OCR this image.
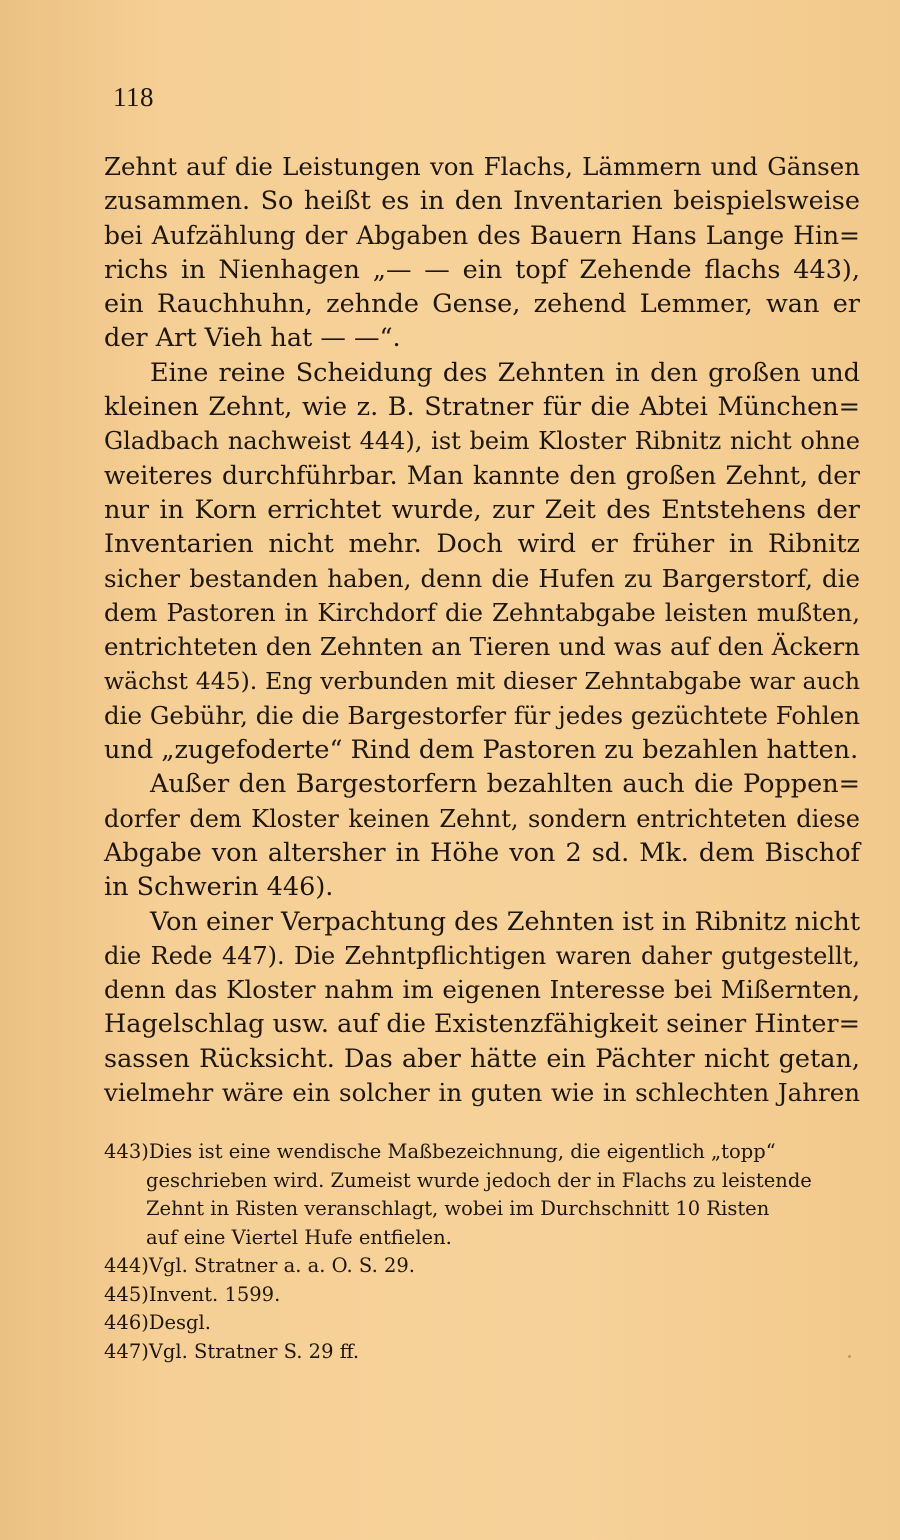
118
Zehnt auf die Leistungen von Flachs, Lämmern und Gänsen
zusammen. So heißt es in den Inventarien beispielsweise
bei Aufzählung der Abgaben des Bauern Hans Lange Hin=
richs in Nienhagen „— — ein topf Zehende flachs 443),
ein Rauchhuhn, zehnde Gense, zehend Lemmer, wan er
der Art Vieh hat — —“.
Eine reine Scheidung des Zehnten in den großen und
kleinen Zehnt, wie z. B. Stratner für die Abtei München=
Gladbach nachweist 444), ist beim Kloster Ribnitz nicht ohne
weiteres durchführbar. Man kannte den großen Zehnt, der
nur in Korn errichtet wurde, zur Zeit des Entstehens der
Inventarien nicht mehr. Doch wird er früher in Ribnitz
sicher bestanden haben, denn die Hufen zu Bargerstorf, die
dem Pastoren in Kirchdorf die Zehntabgabe leisten mußten,
entrichteten den Zehnten an Tieren und was auf den Äckern
wächst 445). Eng verbunden mit dieser Zehntabgabe war auch
die Gebühr, die die Bargestorfer für jedes gezüchtete Fohlen
und „zugefoderte“ Rind dem Pastoren zu bezahlen hatten.
Außer den Bargestorfern bezahlten auch die Poppen=
dorfer dem Kloster keinen Zehnt, sondern entrichteten diese
Abgabe von altersher in Höhe von 2 sd. Mk. dem Bischof
in Schwerin 446).
Von einer Verpachtung des Zehnten ist in Ribnitz nicht
die Rede 447). Die Zehntpflichtigen waren daher gutgestellt,
denn das Kloster nahm im eigenen Interesse bei Mißernten,
Hagelschlag usw. auf die Existenzfähigkeit seiner Hinter=
sassen Rücksicht. Das aber hätte ein Pächter nicht getan,
vielmehr wäre ein solcher in guten wie in schlechten Jahren
443)Dies ist eine wendische Maßbezeichnung, die eigentlich „topp“
geschrieben wird. Zumeist wurde jedoch der in Flachs zu leistende
Zehnt in Risten veranschlagt, wobei im Durchschnitt 10 Risten
auf eine Viertel Hufe entfielen.
444)Vgl. Stratner a. a. O. S. 29.
445)Invent. 1599.
446)Desgl.
447)Vgl. Stratner S. 29 ff.
